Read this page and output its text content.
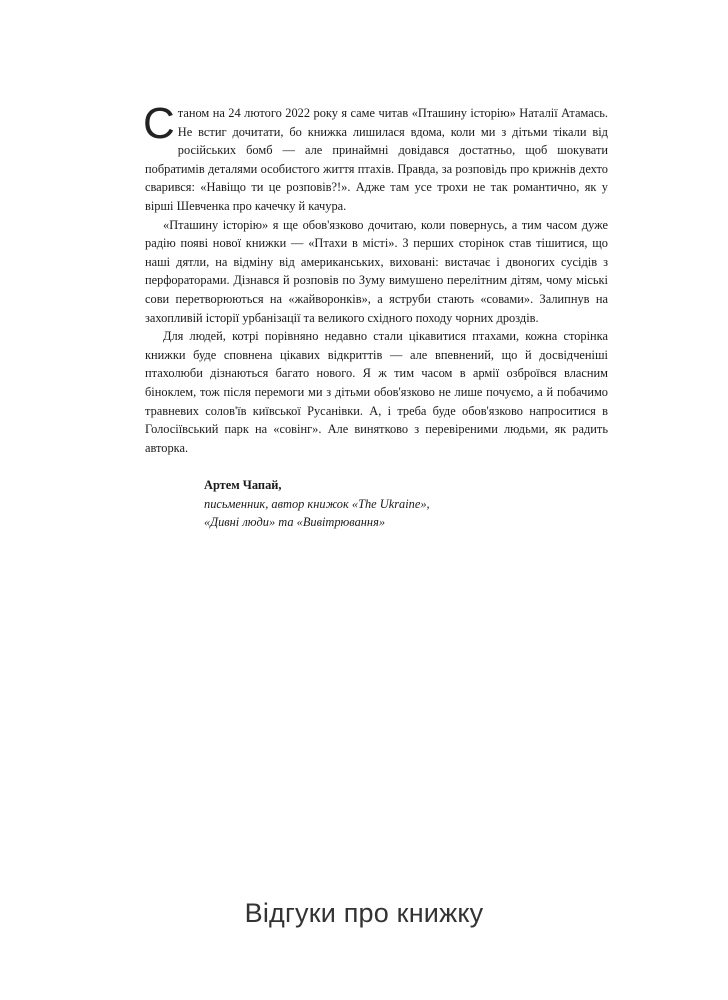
Станом на 24 лютого 2022 року я саме читав «Пташину історію» Наталії Атамась. Не встиг дочитати, бо книжка лишилася вдома, коли ми з дітьми тікали від російських бомб — але принаймні довідався достатньо, щоб шокувати побратимів деталями особистого життя птахів. Правда, за розповідь про крижнів дехто сварився: «Навіщо ти це розповів?!». Адже там усе трохи не так романтично, як у вірші Шевченка про качечку й качура.

«Пташину історію» я ще обов'язково дочитаю, коли повернусь, а тим часом дуже радію появі нової книжки — «Птахи в місті». З перших сторінок став тішитися, що наші дятли, на відміну від американських, виховані: вистачає і двоногих сусідів з перфораторами. Дізнався й розповів по Зуму вимушено перелітним дітям, чому міські сови перетворюються на «жайворонків», а яструби стають «совами». Залипнув на захопливій історії урбанізації та великого східного походу чорних дроздів.

Для людей, котрі порівняно недавно стали цікавитися птахами, кожна сторінка книжки буде сповнена цікавих відкриттів — але впевнений, що й досвідченіші птахолюби дізнаються багато нового. Я ж тим часом в армії озброївся власним біноклем, тож після перемоги ми з дітьми обов'язково не лише почуємо, а й побачимо травневих солов'їв київської Русанівки. А, і треба буде обов'язково напроситися в Голосіївський парк на «совінг». Але винятково з перевіреними людьми, як радить авторка.

Артем Чапай,
письменник, автор книжок «The Ukraine»,
«Дивні люди» та «Вивітрювання»
Відгуки про книжку
